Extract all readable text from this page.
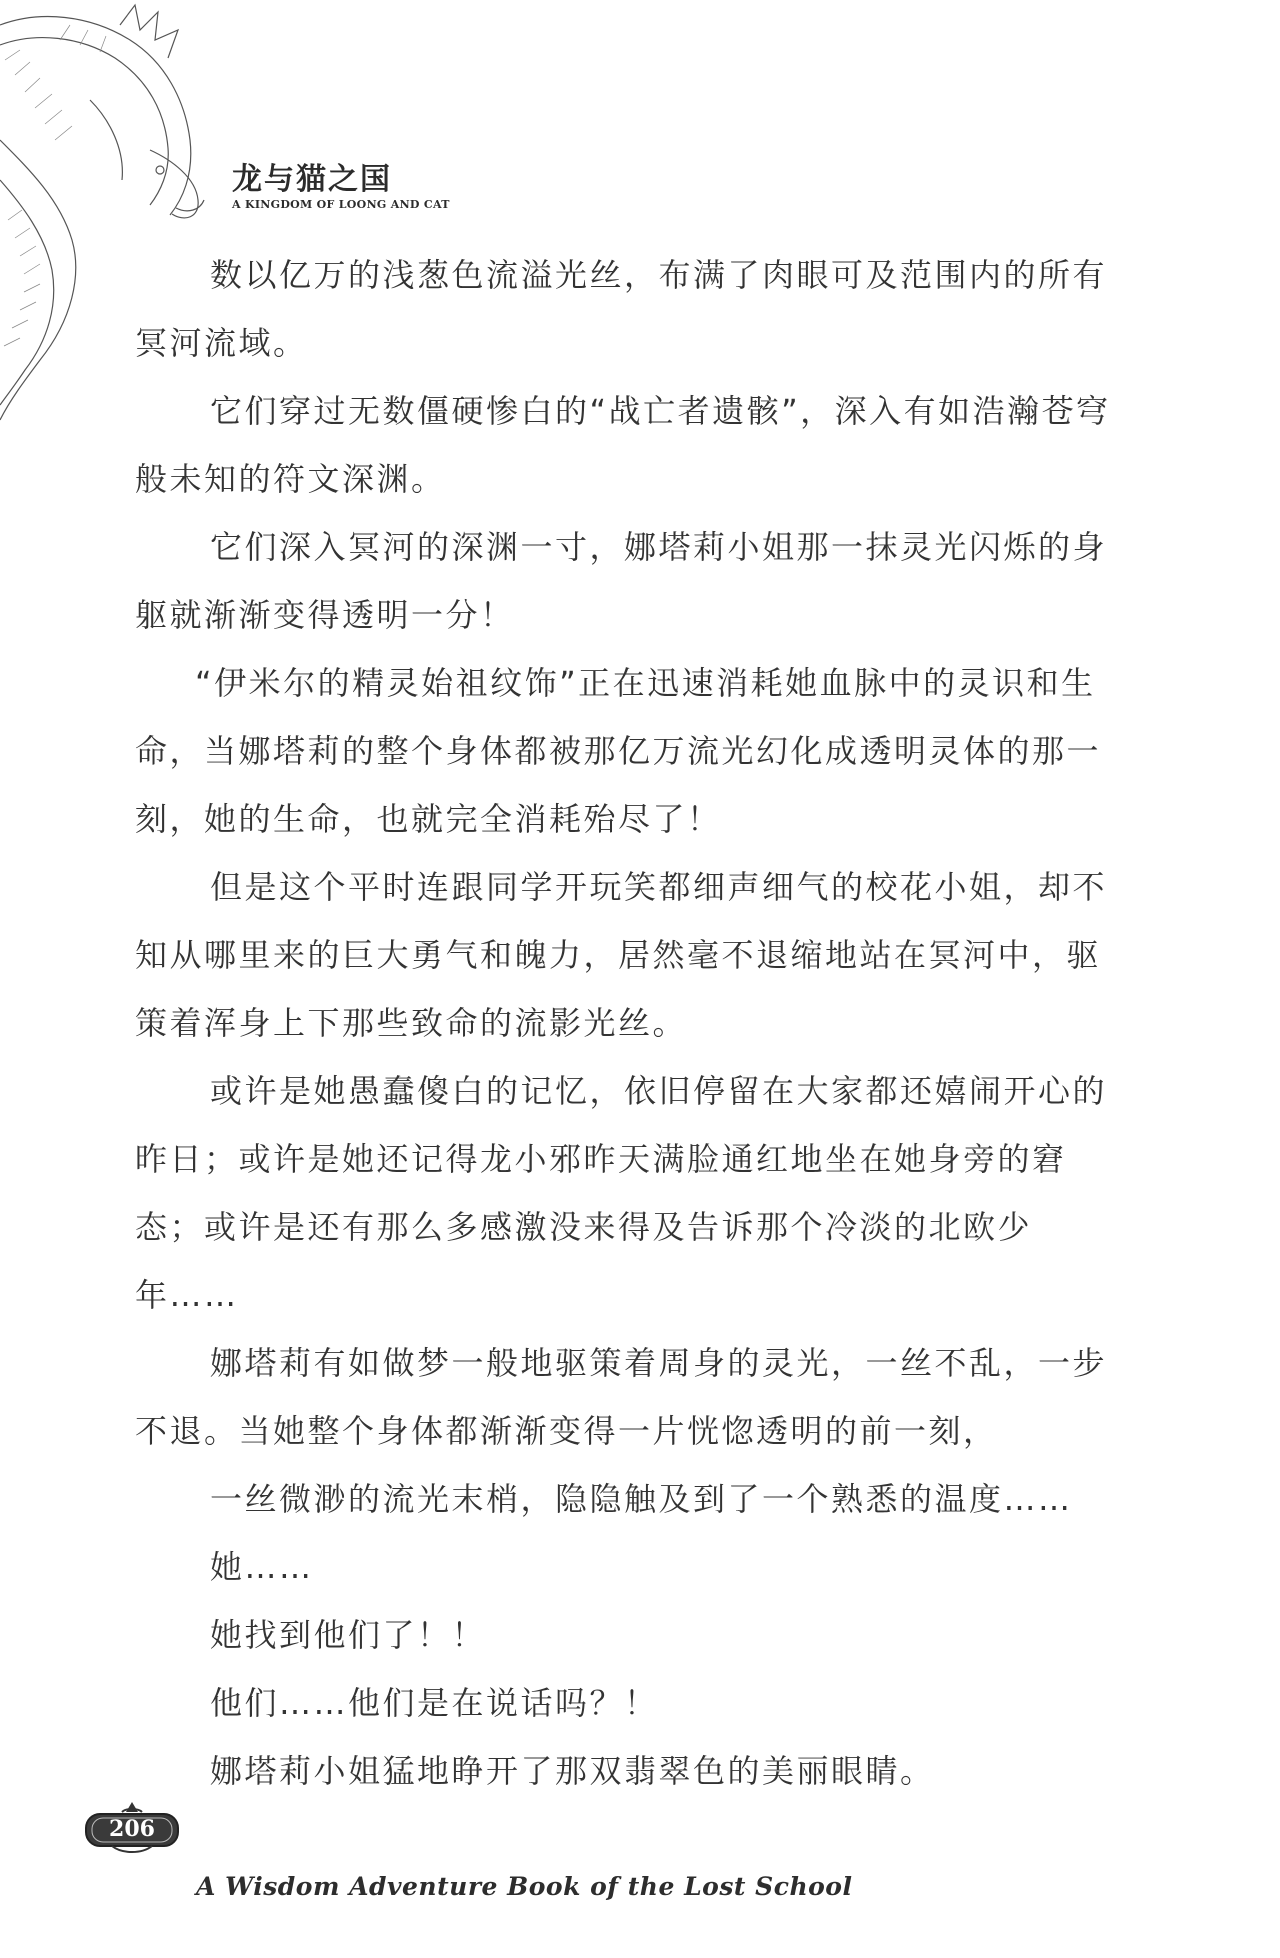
龙与猫之国
A KINGDOM OF LOONG AND CAT

数以亿万的浅葱色流溢光丝，布满了肉眼可及范围内的所有冥河流域。

它们穿过无数僵硬惨白的“战亡者遗骸”，深入有如浩瀚苍穹般未知的符文深渊。

它们深入冥河的深渊一寸，娜塔莉小姐那一抹灵光闪烁的身躯就渐渐变得透明一分！

“伊米尔的精灵始祖纹饰”正在迅速消耗她血脉中的灵识和生命，当娜塔莉的整个身体都被那亿万流光幻化成透明灵体的那一刻，她的生命，也就完全消耗殆尽了！

但是这个平时连跟同学开玩笑都细声细气的校花小姐，却不知从哪里来的巨大勇气和魄力，居然毫不退缩地站在冥河中，驱策着浑身上下那些致命的流影光丝。

或许是她愚蠢傻白的记忆，依旧停留在大家都还嬉闹开心的昨日；或许是她还记得龙小邪昨天满脸通红地坐在她身旁的窘态；或许是还有那么多感激没来得及告诉那个冷淡的北欧少年……

娜塔莉有如做梦一般地驱策着周身的灵光，一丝不乱，一步不退。当她整个身体都渐渐变得一片恍惚透明的前一刻，

一丝微渺的流光末梢，隐隐触及到了一个熟悉的温度……

她……

她找到他们了！！

他们……他们是在说话吗？！

娜塔莉小姐猛地睁开了那双翡翠色的美丽眼睛。

206
A Wisdom Adventure Book of the Lost School
